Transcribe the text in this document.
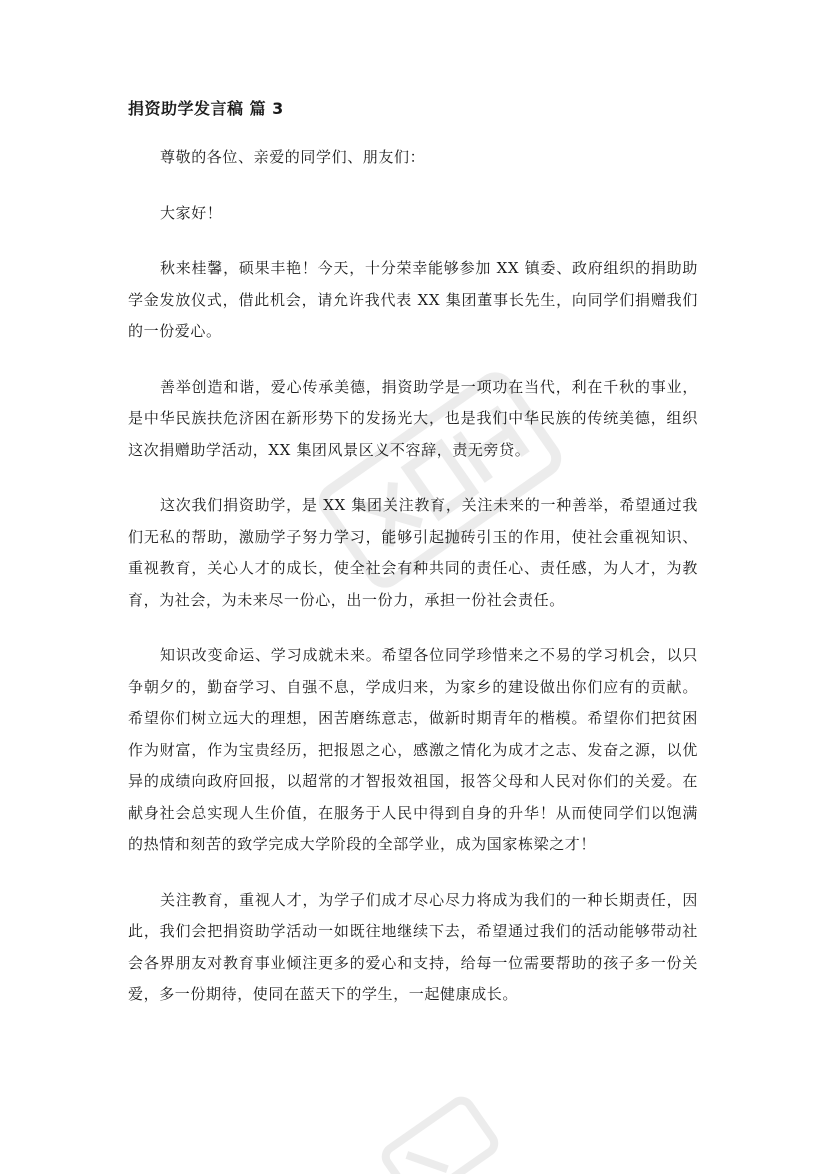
捐资助学发言稿 篇 3

尊敬的各位、亲爱的同学们、朋友们：

大家好！

秋来桂馨，硕果丰艳！今天，十分荣幸能够参加 XX 镇委、政府组织的捐助助学金发放仪式，借此机会，请允许我代表 XX 集团董事长先生，向同学们捐赠我们的一份爱心。

善举创造和谐，爱心传承美德，捐资助学是一项功在当代，利在千秋的事业，是中华民族扶危济困在新形势下的发扬光大，也是我们中华民族的传统美德，组织这次捐赠助学活动，XX 集团风景区义不容辞，责无旁贷。

这次我们捐资助学，是 XX 集团关注教育，关注未来的一种善举，希望通过我们无私的帮助，激励学子努力学习，能够引起抛砖引玉的作用，使社会重视知识、重视教育，关心人才的成长，使全社会有种共同的责任心、责任感，为人才，为教育，为社会，为未来尽一份心，出一份力，承担一份社会责任。

知识改变命运、学习成就未来。希望各位同学珍惜来之不易的学习机会，以只争朝夕的，勤奋学习、自强不息，学成归来，为家乡的建设做出你们应有的贡献。希望你们树立远大的理想，困苦磨练意志，做新时期青年的楷模。希望你们把贫困作为财富，作为宝贵经历，把报恩之心，感激之情化为成才之志、发奋之源，以优异的成绩向政府回报，以超常的才智报效祖国，报答父母和人民对你们的关爱。在献身社会总实现人生价值，在服务于人民中得到自身的升华！从而使同学们以饱满的热情和刻苦的致学完成大学阶段的全部学业，成为国家栋梁之才！

关注教育，重视人才，为学子们成才尽心尽力将成为我们的一种长期责任，因此，我们会把捐资助学活动一如既往地继续下去，希望通过我们的活动能够带动社会各界朋友对教育事业倾注更多的爱心和支持，给每一位需要帮助的孩子多一份关爱，多一份期待，使同在蓝天下的学生，一起健康成长。
